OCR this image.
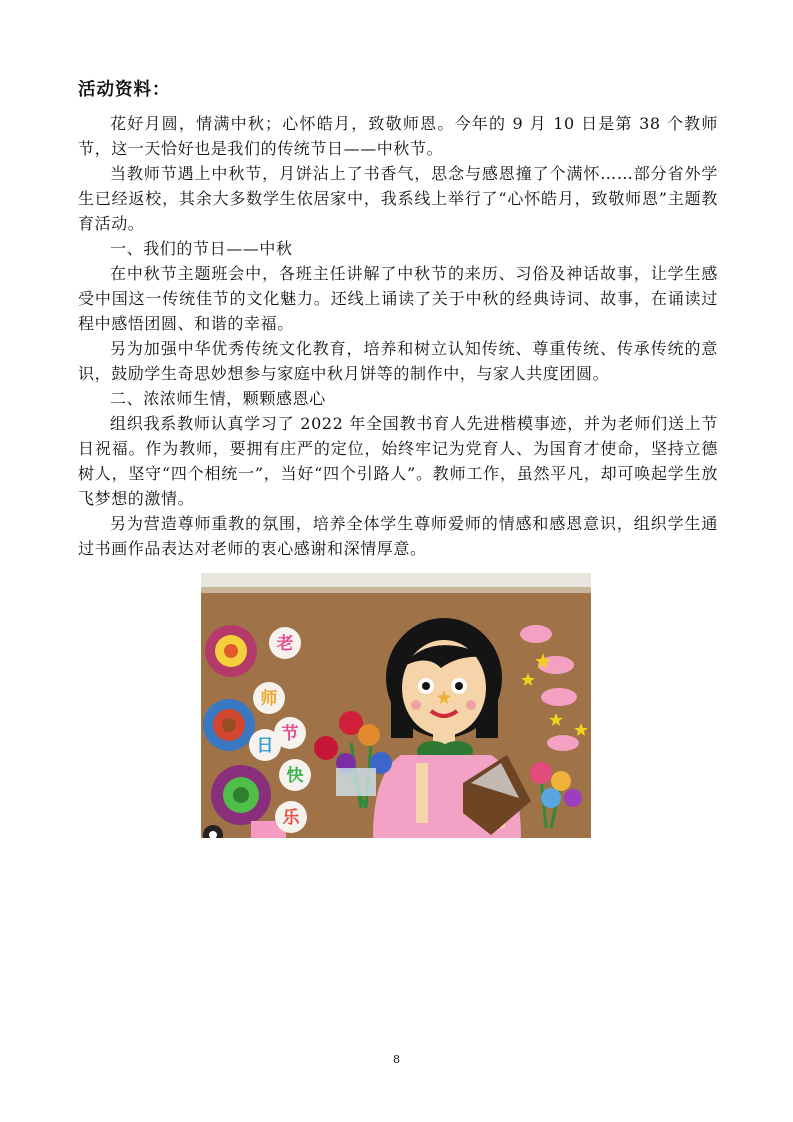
活动资料：

花好月圆，情满中秋；心怀皓月，致敬师恩。今年的 9 月 10 日是第 38 个教师节，这一天恰好也是我们的传统节日——中秋节。

当教师节遇上中秋节，月饼沾上了书香气，思念与感恩撞了个满怀……部分省外学生已经返校，其余大多数学生依居家中，我系线上举行了“心怀皓月，致敬师恩”主题教育活动。

一、我们的节日——中秋

在中秋节主题班会中，各班主任讲解了中秋节的来历、习俗及神话故事，让学生感受中国这一传统佳节的文化魅力。还线上诵读了关于中秋的经典诗词、故事，在诵读过程中感悟团圆、和谐的幸福。

另为加强中华优秀传统文化教育，培养和树立认知传统、尊重传统、传承传统的意识，鼓励学生奇思妙想参与家庭中秋月饼等的制作中，与家人共度团圆。

二、浓浓师生情，颗颗感恩心

组织我系教师认真学习了 2022 年全国教书育人先进楷模事迹，并为老师们送上节日祝福。作为教师，要拥有庄严的定位，始终牢记为党育人、为国育才使命，坚持立德树人，坚守“四个相统一”，当好“四个引路人”。教师工作，虽然平凡，却可唤起学生放飞梦想的激情。

另为营造尊师重教的氛围，培养全体学生尊师爱师的情感和感恩意识，组织学生通过书画作品表达对老师的衷心感谢和深情厚意。

老
师
节
日
快
乐
8
